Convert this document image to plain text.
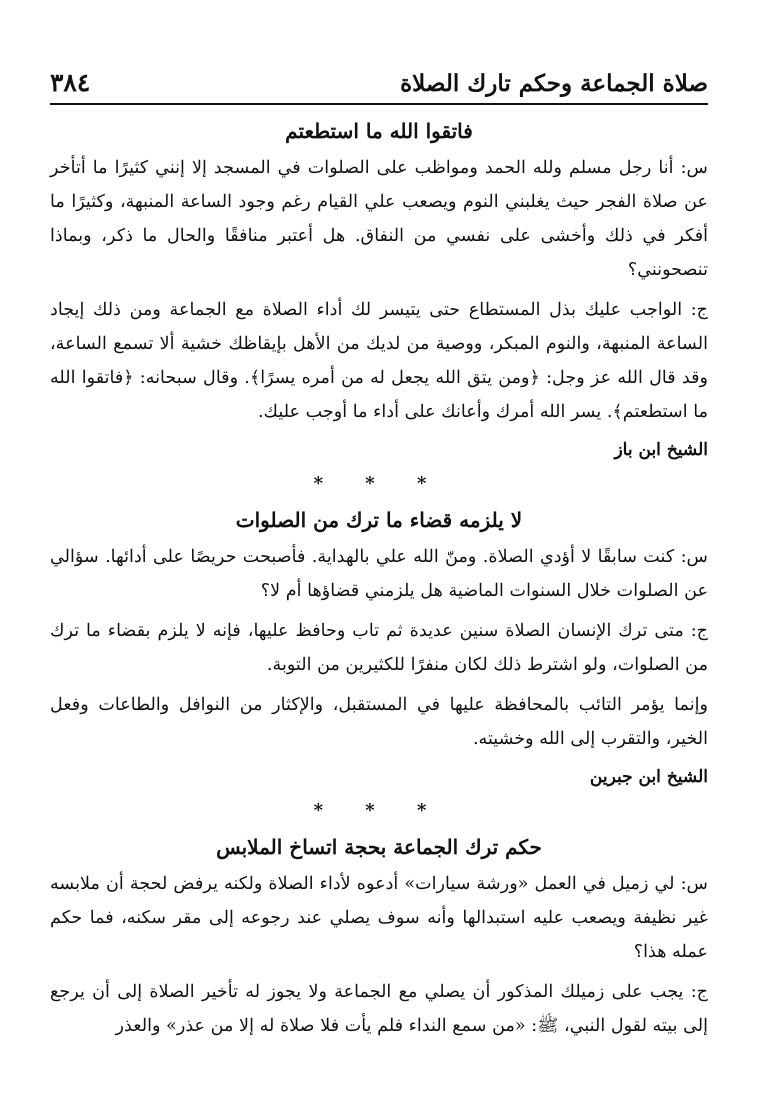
صلاة الجماعة وحكم تارك الصلاة
٣٨٤
فاتقوا الله ما استطعتم

س: أنا رجل مسلم ولله الحمد ومواظب على الصلوات في المسجد إلا إنني كثيرًا ما أتأخر عن صلاة الفجر حيث يغلبني النوم ويصعب علي القيام رغم وجود الساعة المنبهة، وكثيرًا ما أفكر في ذلك وأخشى على نفسي من النفاق. هل أعتبر منافقًا والحال ما ذكر، وبماذا تنصحونني؟

ج: الواجب عليك بذل المستطاع حتى يتيسر لك أداء الصلاة مع الجماعة ومن ذلك إيجاد الساعة المنبهة، والنوم المبكر، ووصية من لديك من الأهل بإيقاظك خشية ألا تسمع الساعة، وقد قال الله عز وجل: ﴿ومن يتق الله يجعل له من أمره يسرًا﴾. وقال سبحانه: ﴿فاتقوا الله ما استطعتم﴾. يسر الله أمرك وأعانك على أداء ما أوجب عليك.

الشيخ ابن باز
* * *
لا يلزمه قضاء ما ترك من الصلوات

س: كنت سابقًا لا أؤدي الصلاة. ومنّ الله علي بالهداية. فأصبحت حريصًا على أدائها. سؤالي عن الصلوات خلال السنوات الماضية هل يلزمني قضاؤها أم لا؟

ج: متى ترك الإنسان الصلاة سنين عديدة ثم تاب وحافظ عليها، فإنه لا يلزم بقضاء ما ترك من الصلوات، ولو اشترط ذلك لكان منفرًا للكثيرين من التوبة.

وإنما يؤمر التائب بالمحافظة عليها في المستقبل، والإكثار من النوافل والطاعات وفعل الخير، والتقرب إلى الله وخشيته.

الشيخ ابن جبرين
* * *
حكم ترك الجماعة بحجة اتساخ الملابس

س: لي زميل في العمل «ورشة سيارات» أدعوه لأداء الصلاة ولكنه يرفض لحجة أن ملابسه غير نظيفة ويصعب عليه استبدالها وأنه سوف يصلي عند رجوعه إلى مقر سكنه، فما حكم عمله هذا؟

ج: يجب على زميلك المذكور أن يصلي مع الجماعة ولا يجوز له تأخير الصلاة إلى أن يرجع إلى بيته لقول النبي، ﷺ: «من سمع النداء فلم يأت فلا صلاة له إلا من عذر» والعذر
